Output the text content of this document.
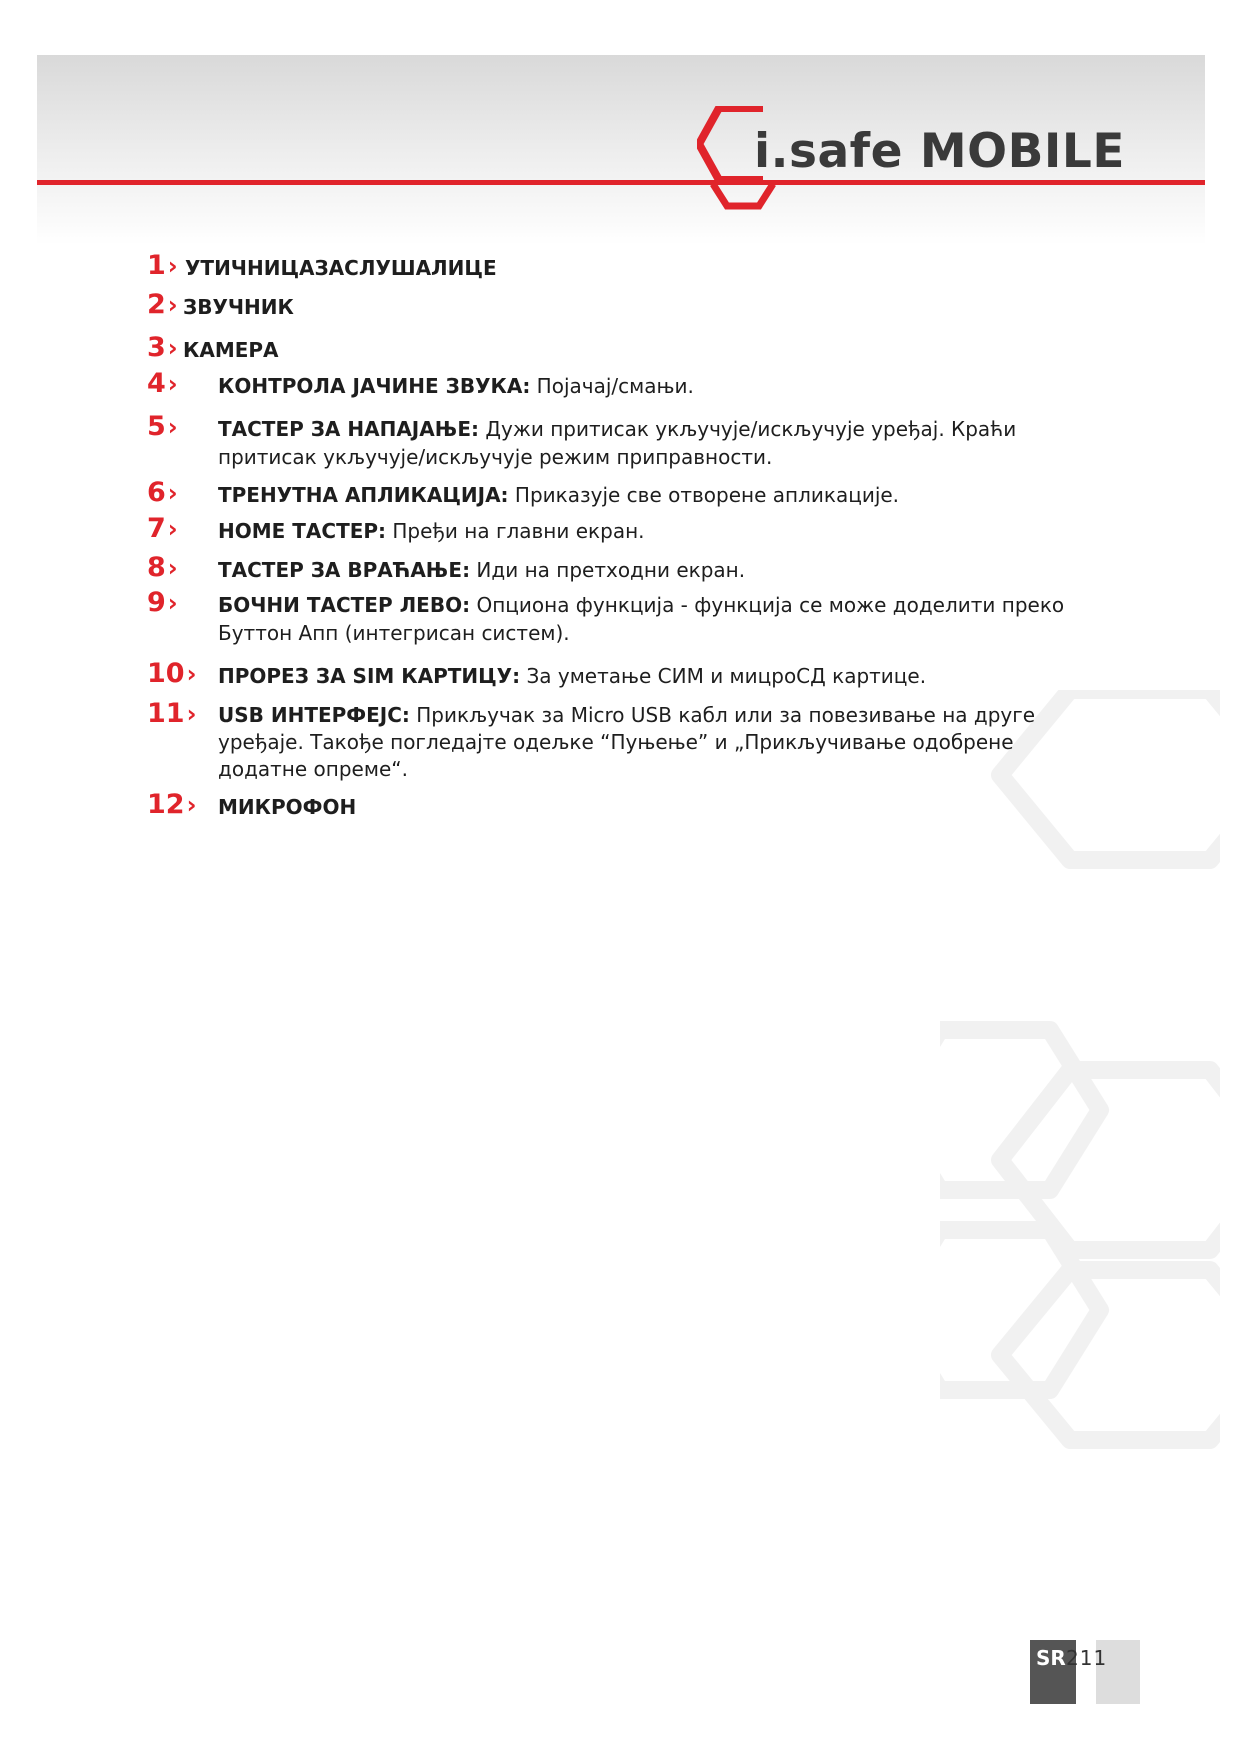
i.safe MOBILE
1› УТИЧНИЦАЗАСЛУШАЛИЦЕ
2› ЗВУЧНИК
3› КАМЕРА
4› КОНТРОЛА ЈАЧИНЕ ЗВУКА: Појачај/смањи.
5› ТАСТЕР ЗА НАПАЈАЊЕ: Дужи притисак укључује/искључује уређај. Краћи притисак укључује/искључује режим приправности.
6› ТРЕНУТНА АПЛИКАЦИЈА: Приказује све отворене апликације.
7› HOME ТАСТЕР: Пређи на главни екран.
8› ТАСТЕР ЗА ВРАЋАЊЕ: Иди на претходни екран.
9› БОЧНИ ТАСТЕР ЛЕВО: Опциона функција - функција се може доделити преко Буттон Апп (интегрисан систем).
10› ПРОРЕЗ ЗА SIM КАРТИЦУ: За уметање СИМ и мицроСД картице.
11› USB ИНТЕРФЕЈС: Прикључак за Micro USB кабл или за повезивање на друге уређаје. Такође погледајте одељке “Пуњење” и „Прикључивање одобрене додатне опреме“.
12› МИКРОФОН
SR 211
